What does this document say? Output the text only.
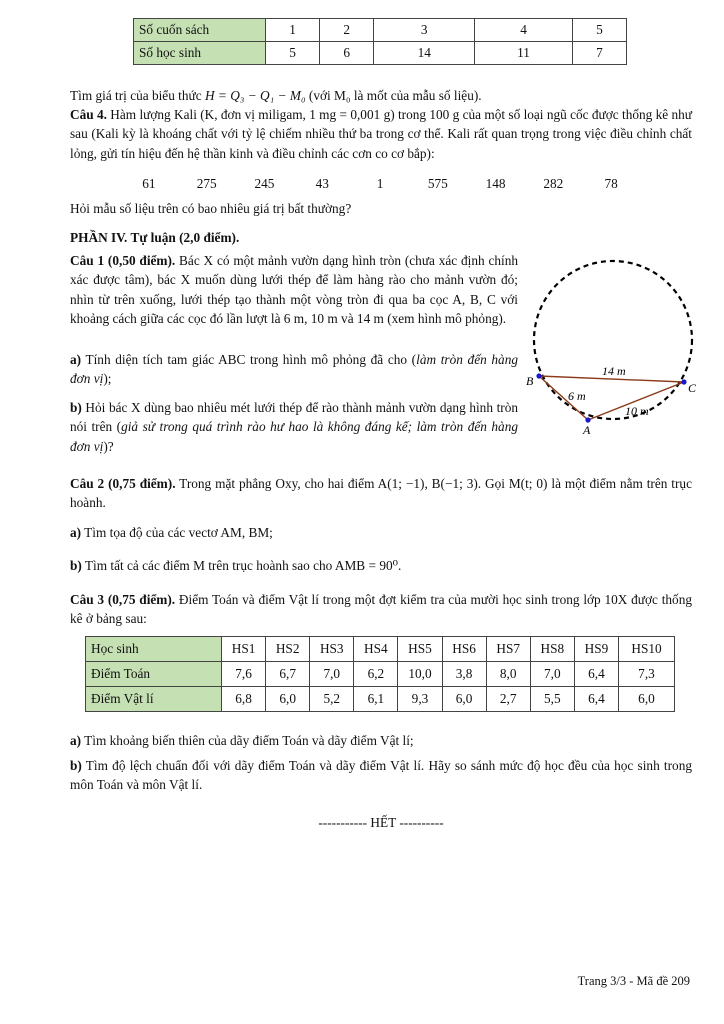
Số cuốn sách	1	2	3	4	5
Số học sinh	5	6	14	11	7
Tìm giá trị của biểu thức H = Q₃ − Q₁ − M₀ (với M₀ là mốt của mẫu số liệu).
Câu 4. Hàm lượng Kali (K, đơn vị miligam, 1 mg = 0,001 g) trong 100 g của một số loại ngũ cốc được thống kê như sau (Kali kỳ là khoáng chất với tỷ lệ chiếm nhiều thứ ba trong cơ thể. Kali rất quan trọng trong việc điều chỉnh chất lỏng, gửi tín hiệu đến hệ thần kinh và điều chỉnh các cơn co cơ bắp):
61	275	245	43	1	575	148	282	78
Hỏi mẫu số liệu trên có bao nhiêu giá trị bất thường?
PHẦN IV. Tự luận (2,0 điểm).
Câu 1 (0,50 điểm). Bác X có một mảnh vườn dạng hình tròn (chưa xác định chính xác được tâm), bác X muốn dùng lưới thép để làm hàng rào cho mảnh vườn đó; nhìn từ trên xuống, lưới thép tạo thành một vòng tròn đi qua ba cọc A, B, C với khoảng cách giữa các cọc đó lần lượt là 6 m, 10 m và 14 m (xem hình mô phỏng).
a) Tính diện tích tam giác ABC trong hình mô phỏng đã cho (làm tròn đến hàng đơn vị);
b) Hỏi bác X dùng bao nhiêu mét lưới thép để rào thành mảnh vườn dạng hình tròn nói trên (giả sử trong quá trình rào hư hao là không đáng kể; làm tròn đến hàng đơn vị)?
B	C
A
14 m
6 m
10 m
Câu 2 (0,75 điểm). Trong mặt phẳng Oxy, cho hai điểm A(1; −1), B(−1; 3). Gọi M(t; 0) là một điểm nằm trên trục hoành.
a) Tìm tọa độ của các vectơ AM, BM;
b) Tìm tất cả các điểm M trên trục hoành sao cho AMB = 90⁰.
Câu 3 (0,75 điểm). Điểm Toán và điểm Vật lí trong một đợt kiểm tra của mười học sinh trong lớp 10X được thống kê ở bảng sau:
Học sinh	HS1	HS2	HS3	HS4	HS5	HS6	HS7	HS8	HS9	HS10
Điểm Toán	7,6	6,7	7,0	6,2	10,0	3,8	8,0	7,0	6,4	7,3
Điểm Vật lí	6,8	6,0	5,2	6,1	9,3	6,0	2,7	5,5	6,4	6,0
a) Tìm khoảng biến thiên của dãy điểm Toán và dãy điểm Vật lí;
b) Tìm độ lệch chuẩn đối với dãy điểm Toán và dãy điểm Vật lí. Hãy so sánh mức độ học đều của học sinh trong môn Toán và môn Vật lí.
----------- HẾT ----------
Trang 3/3 - Mã đề 209
